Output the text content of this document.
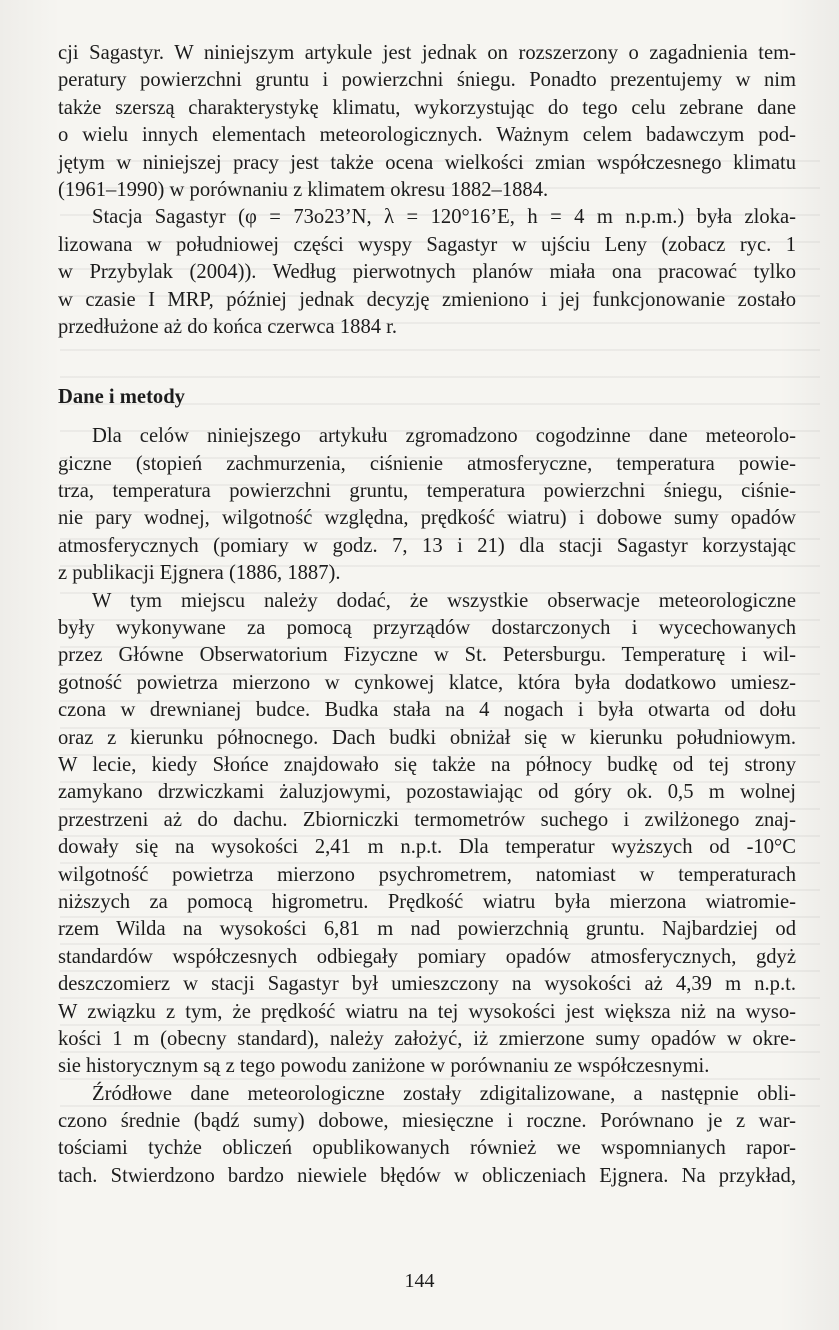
cji Sagastyr. W niniejszym artykule jest jednak on rozszerzony o zagadnienia tem-
peratury powierzchni gruntu i powierzchni śniegu. Ponadto prezentujemy w nim
także szerszą charakterystykę klimatu, wykorzystując do tego celu zebrane dane
o wielu innych elementach meteorologicznych. Ważnym celem badawczym pod-
jętym w niniejszej pracy jest także ocena wielkości zmian współczesnego klimatu
(1961–1990) w porównaniu z klimatem okresu 1882–1884.
Stacja Sagastyr (φ = 73o23’N, λ = 120°16’E, h = 4 m n.p.m.) była zloka-
lizowana w południowej części wyspy Sagastyr w ujściu Leny (zobacz ryc. 1
w Przybylak (2004)). Według pierwotnych planów miała ona pracować tylko
w czasie I MRP, później jednak decyzję zmieniono i jej funkcjonowanie zostało
przedłużone aż do końca czerwca 1884 r.
Dane i metody
Dla celów niniejszego artykułu zgromadzono cogodzinne dane meteorolo-
giczne (stopień zachmurzenia, ciśnienie atmosferyczne, temperatura powie-
trza, temperatura powierzchni gruntu, temperatura powierzchni śniegu, ciśnie-
nie pary wodnej, wilgotność względna, prędkość wiatru) i dobowe sumy opadów
atmosferycznych (pomiary w godz. 7, 13 i 21) dla stacji Sagastyr korzystając
z publikacji Ejgnera (1886, 1887).
W tym miejscu należy dodać, że wszystkie obserwacje meteorologiczne
były wykonywane za pomocą przyrządów dostarczonych i wycechowanych
przez Główne Obserwatorium Fizyczne w St. Petersburgu. Temperaturę i wil-
gotność powietrza mierzono w cynkowej klatce, która była dodatkowo umiesz-
czona w drewnianej budce. Budka stała na 4 nogach i była otwarta od dołu
oraz z kierunku północnego. Dach budki obniżał się w kierunku południowym.
W lecie, kiedy Słońce znajdowało się także na północy budkę od tej strony
zamykano drzwiczkami żaluzjowymi, pozostawiając od góry ok. 0,5 m wolnej
przestrzeni aż do dachu. Zbiorniczki termometrów suchego i zwilżonego znaj-
dowały się na wysokości 2,41 m n.p.t. Dla temperatur wyższych od -10°C
wilgotność powietrza mierzono psychrometrem, natomiast w temperaturach
niższych za pomocą higrometru. Prędkość wiatru była mierzona wiatromie-
rzem Wilda na wysokości 6,81 m nad powierzchnią gruntu. Najbardziej od
standardów współczesnych odbiegały pomiary opadów atmosferycznych, gdyż
deszczomierz w stacji Sagastyr był umieszczony na wysokości aż 4,39 m n.p.t.
W związku z tym, że prędkość wiatru na tej wysokości jest większa niż na wyso-
kości 1 m (obecny standard), należy założyć, iż zmierzone sumy opadów w okre-
sie historycznym są z tego powodu zaniżone w porównaniu ze współczesnymi.
Źródłowe dane meteorologiczne zostały zdigitalizowane, a następnie obli-
czono średnie (bądź sumy) dobowe, miesięczne i roczne. Porównano je z war-
tościami tychże obliczeń opublikowanych również we wspomnianych rapor-
tach. Stwierdzono bardzo niewiele błędów w obliczeniach Ejgnera. Na przykład,
144
